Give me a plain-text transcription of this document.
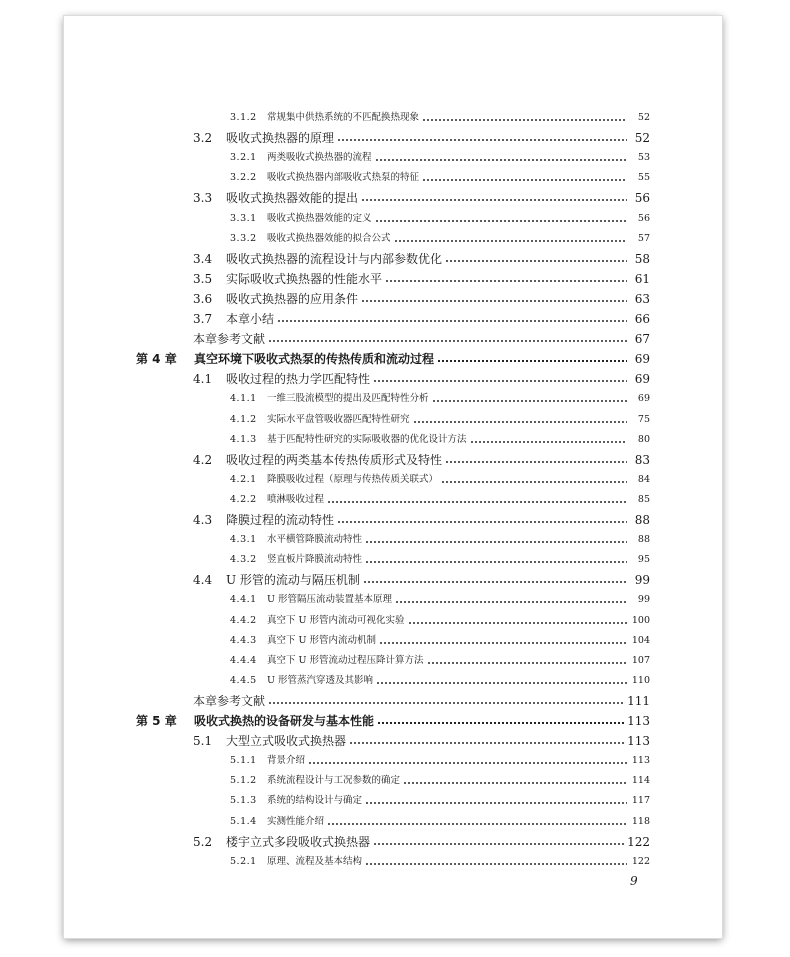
3.1.2	常规集中供热系统的不匹配换热现象	52
3.2	吸收式换热器的原理	52
3.2.1	两类吸收式换热器的流程	53
3.2.2	吸收式换热器内部吸收式热泵的特征	55
3.3	吸收式换热器效能的提出	56
3.3.1	吸收式换热器效能的定义	56
3.3.2	吸收式换热器效能的拟合公式	57
3.4	吸收式换热器的流程设计与内部参数优化	58
3.5	实际吸收式换热器的性能水平	61
3.6	吸收式换热器的应用条件	63
3.7	本章小结	66
本章参考文献	67
第 4 章	真空环境下吸收式热泵的传热传质和流动过程	69
4.1	吸收过程的热力学匹配特性	69
4.1.1	一维三股流模型的提出及匹配特性分析	69
4.1.2	实际水平盘管吸收器匹配特性研究	75
4.1.3	基于匹配特性研究的实际吸收器的优化设计方法	80
4.2	吸收过程的两类基本传热传质形式及特性	83
4.2.1	降膜吸收过程（原理与传热传质关联式）	84
4.2.2	喷淋吸收过程	85
4.3	降膜过程的流动特性	88
4.3.1	水平横管降膜流动特性	88
4.3.2	竖直板片降膜流动特性	95
4.4	U 形管的流动与隔压机制	99
4.4.1	U 形管隔压流动装置基本原理	99
4.4.2	真空下 U 形管内流动可视化实验	100
4.4.3	真空下 U 形管内流动机制	104
4.4.4	真空下 U 形管流动过程压降计算方法	107
4.4.5	U 形管蒸汽穿透及其影响	110
本章参考文献	111
第 5 章	吸收式换热的设备研发与基本性能	113
5.1	大型立式吸收式换热器	113
5.1.1	背景介绍	113
5.1.2	系统流程设计与工况参数的确定	114
5.1.3	系统的结构设计与确定	117
5.1.4	实测性能介绍	118
5.2	楼宇立式多段吸收式换热器	122
5.2.1	原理、流程及基本结构	122
9
